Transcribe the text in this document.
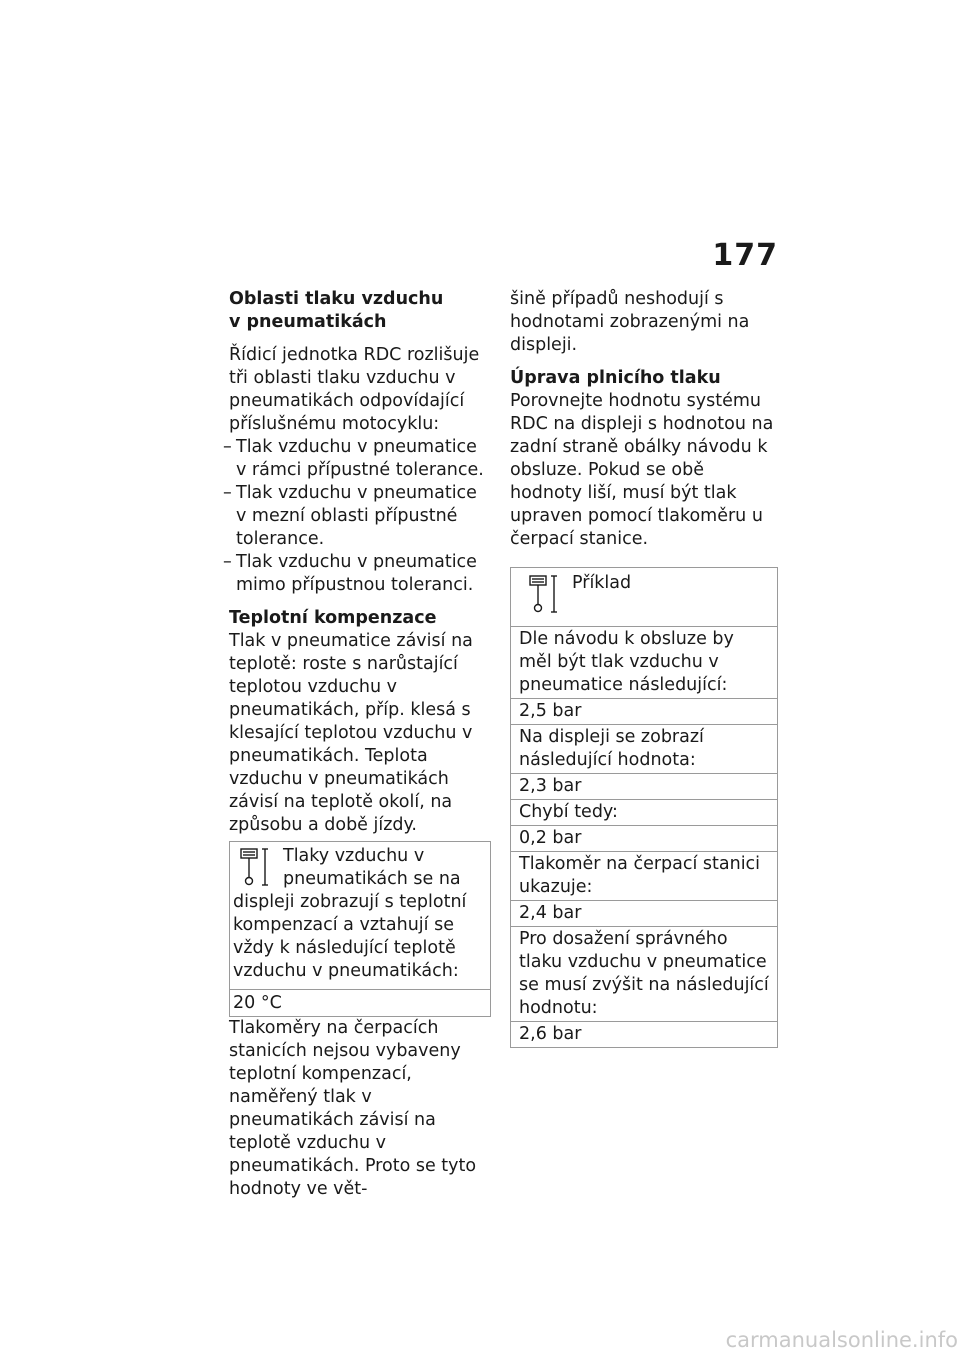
177
Oblasti tlaku vzduchu
v pneumatikách

Řídicí jednotka RDC rozlišuje tři oblasti tlaku vzduchu v pneumatikách odpovídající příslušnému motocyklu:

– Tlak vzduchu v pneumatice v rámci přípustné tolerance.
– Tlak vzduchu v pneumatice v mezní oblasti přípustné tolerance.
– Tlak vzduchu v pneumatice mimo přípustnou toleranci.
Teplotní kompenzace

Tlak v pneumatice závisí na teplotě: roste s narůstající teplotou vzduchu v pneumatikách, příp. klesá s klesající teplotou vzduchu v pneumatikách. Teplota vzduchu v pneumatikách závisí na teplotě okolí, na způsobu a době jízdy.

Tlaky vzduchu v pneumatikách se na displeji zobrazují s teplotní kompenzací a vztahují se vždy k následující teplotě vzduchu v pneumatikách:
20 °C

Tlakoměry na čerpacích stanicích nejsou vybaveny teplotní kompenzací, naměřený tlak v pneumatikách závisí na teplotě vzduchu v pneumatikách. Proto se tyto hodnoty ve vět-

šině případů neshodují s hodnotami zobrazenými na displeji.

Úprava plnicího tlaku

Porovnejte hodnotu systému RDC na displeji s hodnotou na zadní straně obálky návodu k obsluze. Pokud se obě hodnoty liší, musí být tlak upraven pomocí tlakoměru u čerpací stanice.

Příklad
Dle návodu k obsluze by měl být tlak vzduchu v pneumatice následující:
2,5 bar
Na displeji se zobrazí následující hodnota:
2,3 bar
Chybí tedy:
0,2 bar
Tlakoměr na čerpací stanici ukazuje:
2,4 bar
Pro dosažení správného tlaku vzduchu v pneumatice se musí zvýšit na následující hodnotu:
2,6 bar
carmanualsonline.info
